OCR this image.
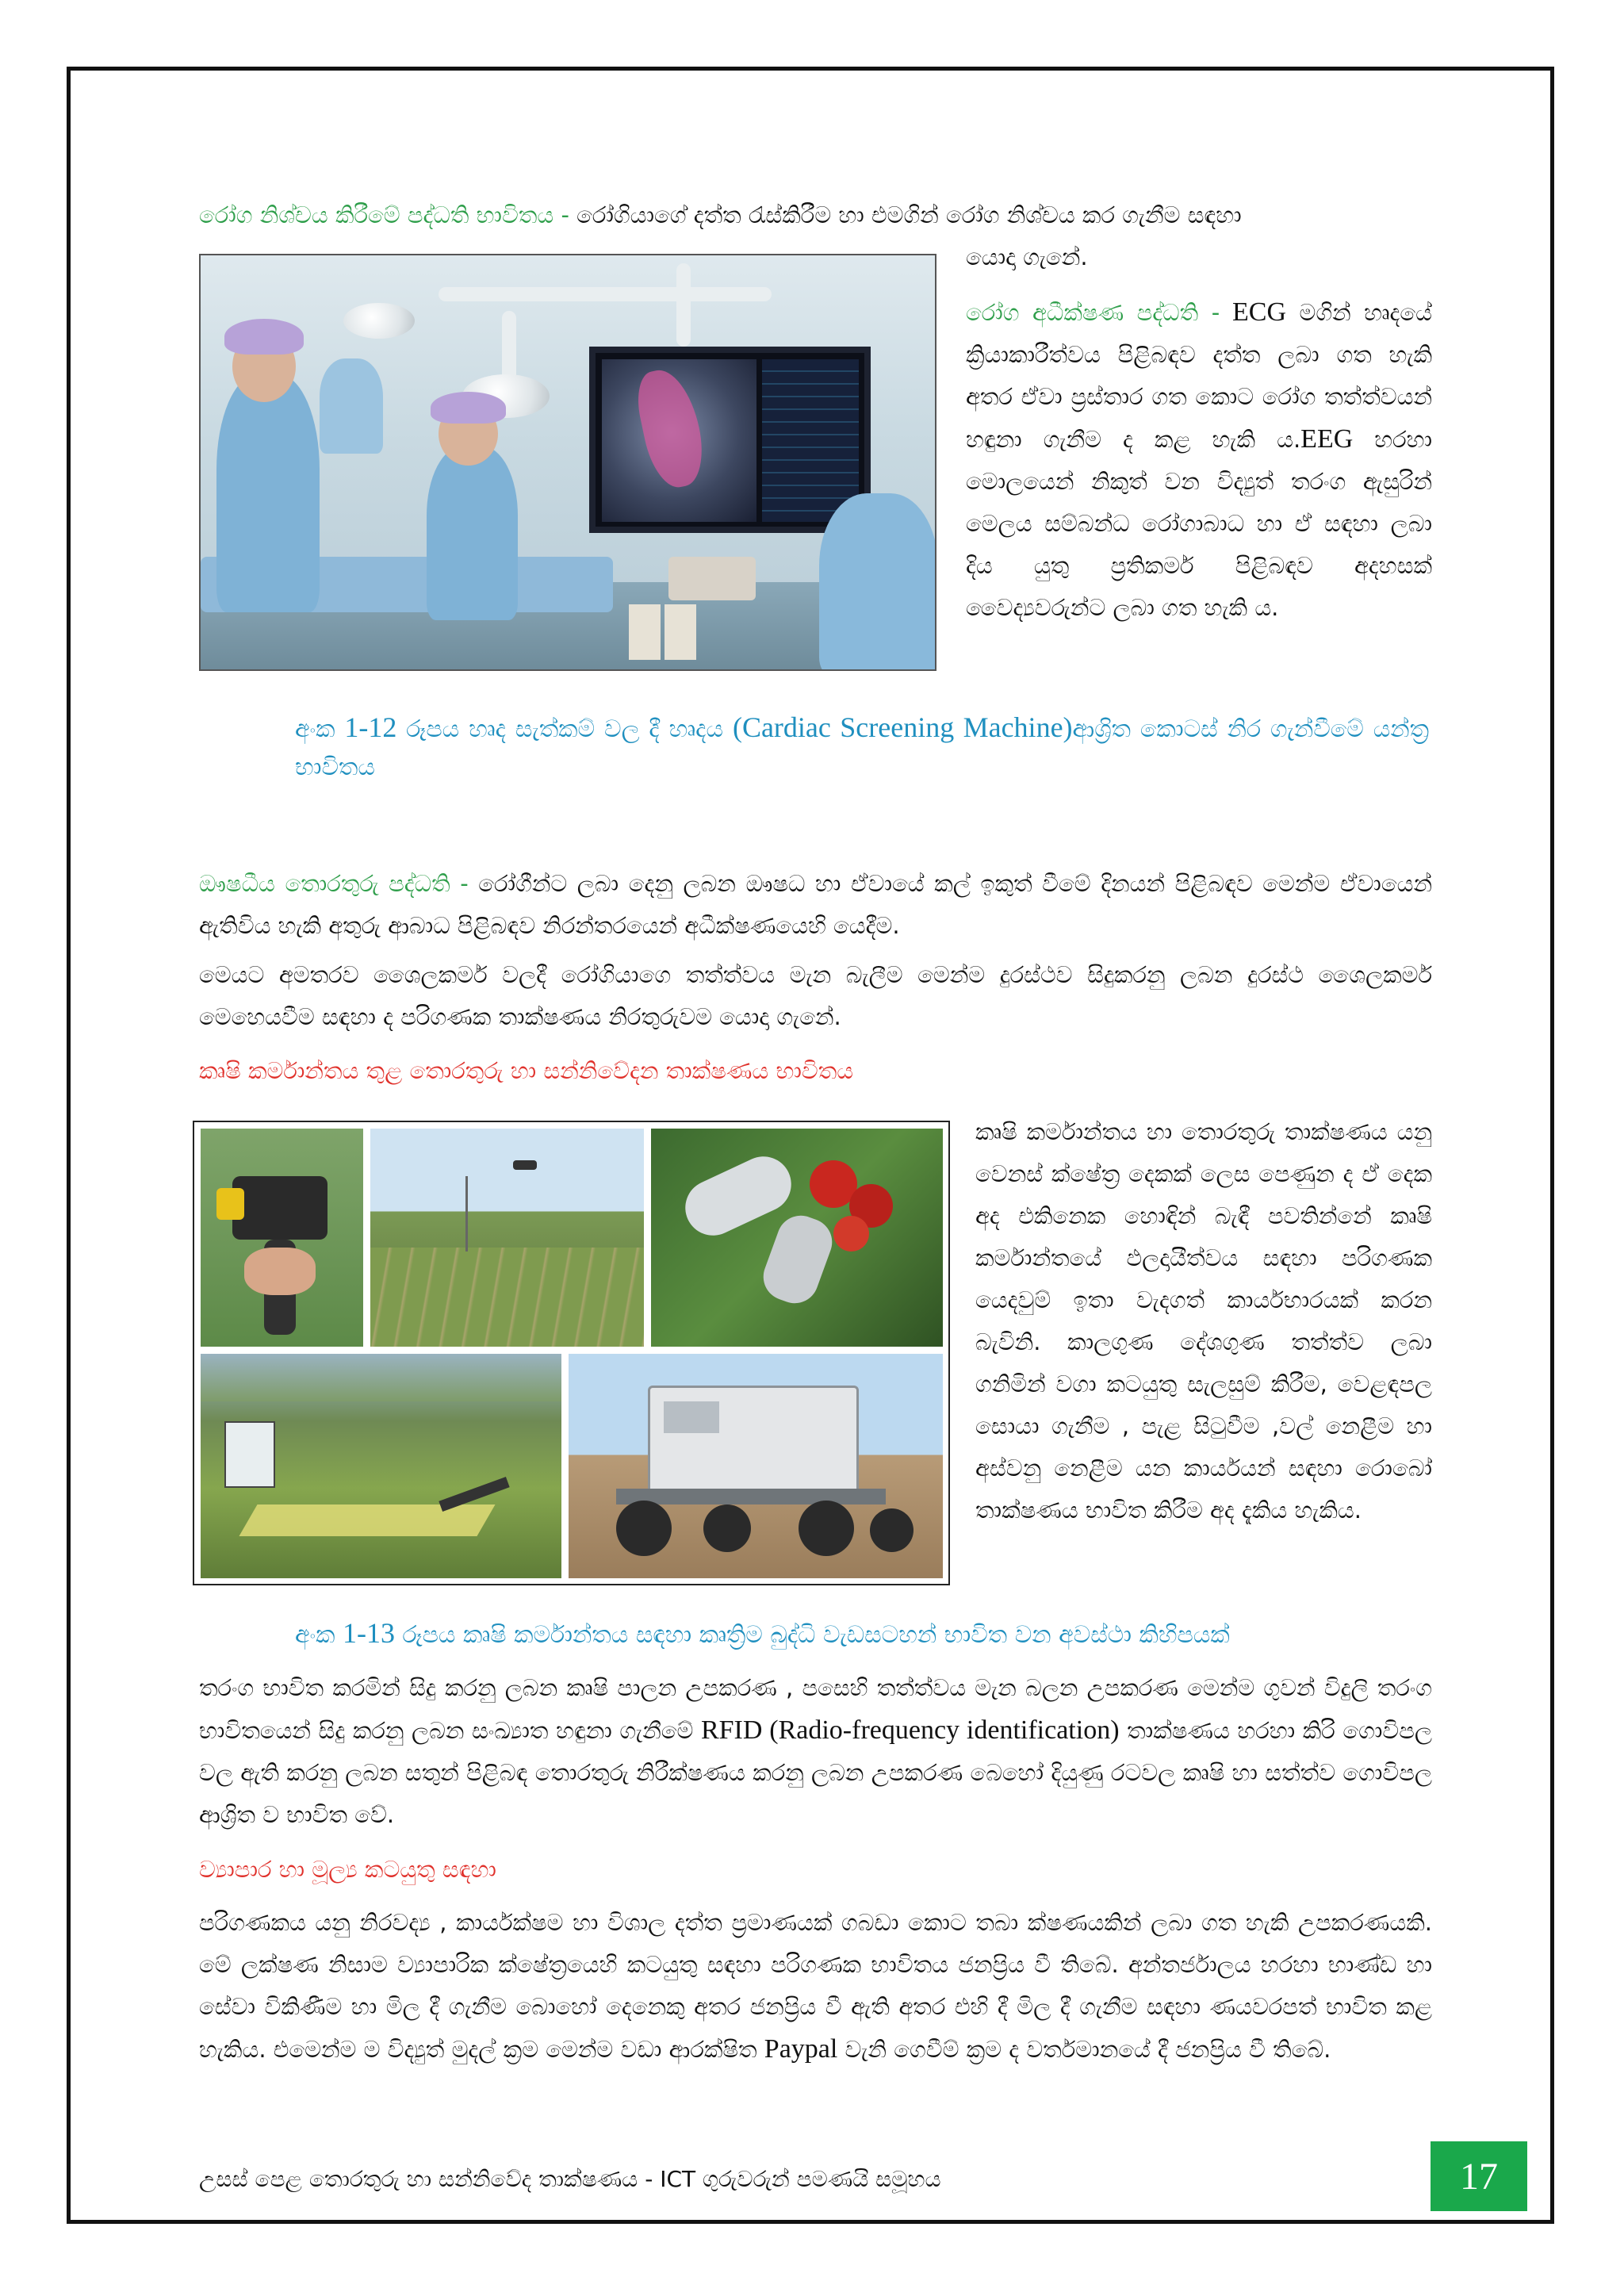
රෝග නිශ්චය කිරීමේ පද්ධති භාවිතය - රෝගියාගේ දත්ත රැස්කිරීම හා එමගින් රෝග නිශ්චය කර ගැනීම සඳහා

යොදා ගැනේ.

රෝග අධීක්ෂණ පද්ධති - ECG මගින් හෘදයේ ක්‍රියාකාරීත්වය පිළිබඳව දත්ත ලබා ගත හැකි අතර ඒවා ප්‍රස්තාර ගත කොට රෝග තත්ත්වයන් හඳුනා ගැනීම ද කළ හැකි ය.EEG හරහා මොලයෙන් නිකුත් වන විද්‍යුත් තරංග ඇසුරින් මෙලය සම්බන්ධ රෝගාබාධ හා ඒ සඳහා ලබා දිය යුතු ප්‍රතිකර්ම පිළිබඳව අදහසක් වෛද්‍යවරුන්ට ලබා ගත හැකි ය.

අංක 1-12 රූපය හෘද සැත්කම් වල දී හෘදය (Cardiac Screening Machine)ආශ්‍රිත කොටස් නිර ගැන්වීමේ යන්ත්‍ර භාවිතය

ඖෂධීය තොරතුරු පද්ධති - රෝගීන්ට ලබා දෙනු ලබන ඖෂධ හා ඒවායේ කල් ඉකුත් වීමේ දිනයන් පිළිබඳව මෙන්ම ඒවායෙන් ඇතිවිය හැකි අතුරු ආබාධ පිළිබඳව නිරන්තරයෙන් අධීක්ෂණයෙහි යෙදීම.

මෙයට අමතරව ශෛලකර්ම වලදී රෝගියාගෙ තත්ත්වය මැන බැලීම මෙන්ම දුරස්ථව සිදුකරනු ලබන දුරස්ථ ශෛලකර්ම මෙහෙයවීම සඳහා ද පරිගණක තාක්ෂණය නිරතුරුවම යොදා ගැනේ.

කෘෂි කර්මාන්තය තුළ තොරතුරු හා සන්නිවේදන තාක්ෂණය භාවිතය

කෘෂි කර්මාන්තය හා තොරතුරු තාක්ෂණය යනු වෙනස් ක්ෂේත්‍ර දෙකක් ලෙස පෙණුන ද ඒ දෙක අද එකිනෙක හොඳින් බැඳී පවතින්නේ කෘෂි කර්මාන්තයේ ඵලදායීත්වය සඳහා පරිගණක යෙදවුම් ඉතා වැදගත් කාර්යභාරයක් කරන බැවිනි. කාලගුණ දේශගුණ තත්ත්ව ලබා ගනිමින් වගා කටයුතු සැලසුම් කිරීම, වෙළඳපල සොයා ගැනීම , පැළ සිටුවීම ,වල් නෙළීම හා අස්වනු නෙළීම යන කාර්යයන් සඳහා රොබෝ තාක්ෂණය භාවිත කිරීම අද දැකිය හැකිය.

අංක 1-13 රූපය කෘෂි කර්මාන්තය සඳහා කෘත්‍රිම බුද්ධි වැඩසටහන් භාවිත වන අවස්ථා කිහිපයක්

තරංග භාවිත කරමින් සිදු කරනු ලබන කෘෂි පාලන උපකරණ , පසෙහි තත්ත්වය මැන බලන උපකරණ මෙන්ම ගුවන් විදුලි තරංග භාවිතයෙන් සිදු කරනු ලබන සංඛ්‍යාත හඳුනා ගැනීමේ RFID (Radio-frequency identification) තාක්ෂණය හරහා කිරි ගොවිපල වල ඇති කරනු ලබන සතුන් පිළිබඳ තොරතුරු නිරීක්ෂණය කරනු ලබන උපකරණ බෙහෝ දියුණු රටවල කෘෂි හා සත්ත්ව ගොවිපල ආශ්‍රිත ව භාවිත වේ.

ව්‍යාපාර හා මූල්‍ය කටයුතු සඳහා

පරිගණකය යනු නිරවද්‍ය , කාර්යක්ෂම හා විශාල දත්ත ප්‍රමාණයක් ගබඩා කොට තබා ක්ෂණයකින් ලබා ගත හැකි උපකරණයකි. මේ ලක්ෂණ නිසාම ව්‍යාපාරික ක්ෂේත්‍රයෙහි කටයුතු සඳහා පරිගණක භාවිතය ජනප්‍රිය වී තිබේ. අන්තර්ජාලය හරහා භාණ්ඩ හා සේවා විකිණීම හා මිල දී ගැනීම බොහෝ දෙනෙකු අතර ජනප්‍රිය වී ඇති අතර එහි දී මිල දී ගැනීම සඳහා ණයවරපත් භාවිත කළ හැකිය. එමෙන්ම ම විද්‍යුත් මුදල් ක්‍රම මෙන්ම වඩා ආරක්ෂිත Paypal වැනි ගෙවීම් ක්‍රම ද වර්තමානයේ දී ජනප්‍රිය වී තිබේ.

උසස් පෙළ තොරතුරු හා සන්නිවේද තාක්ෂණය - ICT ගුරුවරුන් පමණයි සමූහය	17
